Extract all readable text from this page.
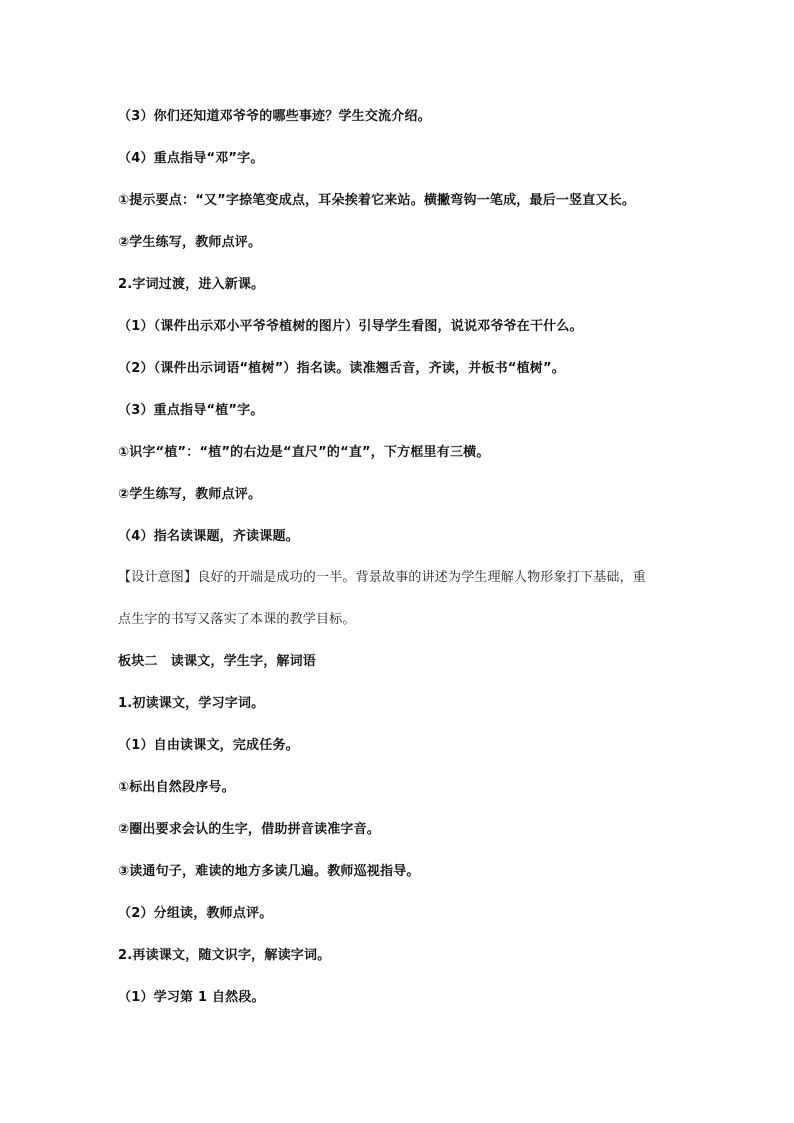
（3）你们还知道邓爷爷的哪些事迹？学生交流介绍。
（4）重点指导“邓”字。
①提示要点：“又”字捺笔变成点，耳朵挨着它来站。横撇弯钩一笔成，最后一竖直又长。
②学生练写，教师点评。
2.字词过渡，进入新课。
（1）（课件出示邓小平爷爷植树的图片）引导学生看图，说说邓爷爷在干什么。
（2）（课件出示词语“植树”）指名读。读准翘舌音，齐读，并板书“植树”。
（3）重点指导“植”字。
①识字“植”：“植”的右边是“直尺”的“直”，下方框里有三横。
②学生练写，教师点评。
（4）指名读课题，齐读课题。
【设计意图】良好的开端是成功的一半。背景故事的讲述为学生理解人物形象打下基础，重
点生字的书写又落实了本课的教学目标。
板块二　读课文，学生字，解词语
1.初读课文，学习字词。
（1）自由读课文，完成任务。
①标出自然段序号。
②圈出要求会认的生字，借助拼音读准字音。
③读通句子，难读的地方多读几遍。教师巡视指导。
（2）分组读，教师点评。
2.再读课文，随文识字，解读字词。
（1）学习第 1 自然段。
